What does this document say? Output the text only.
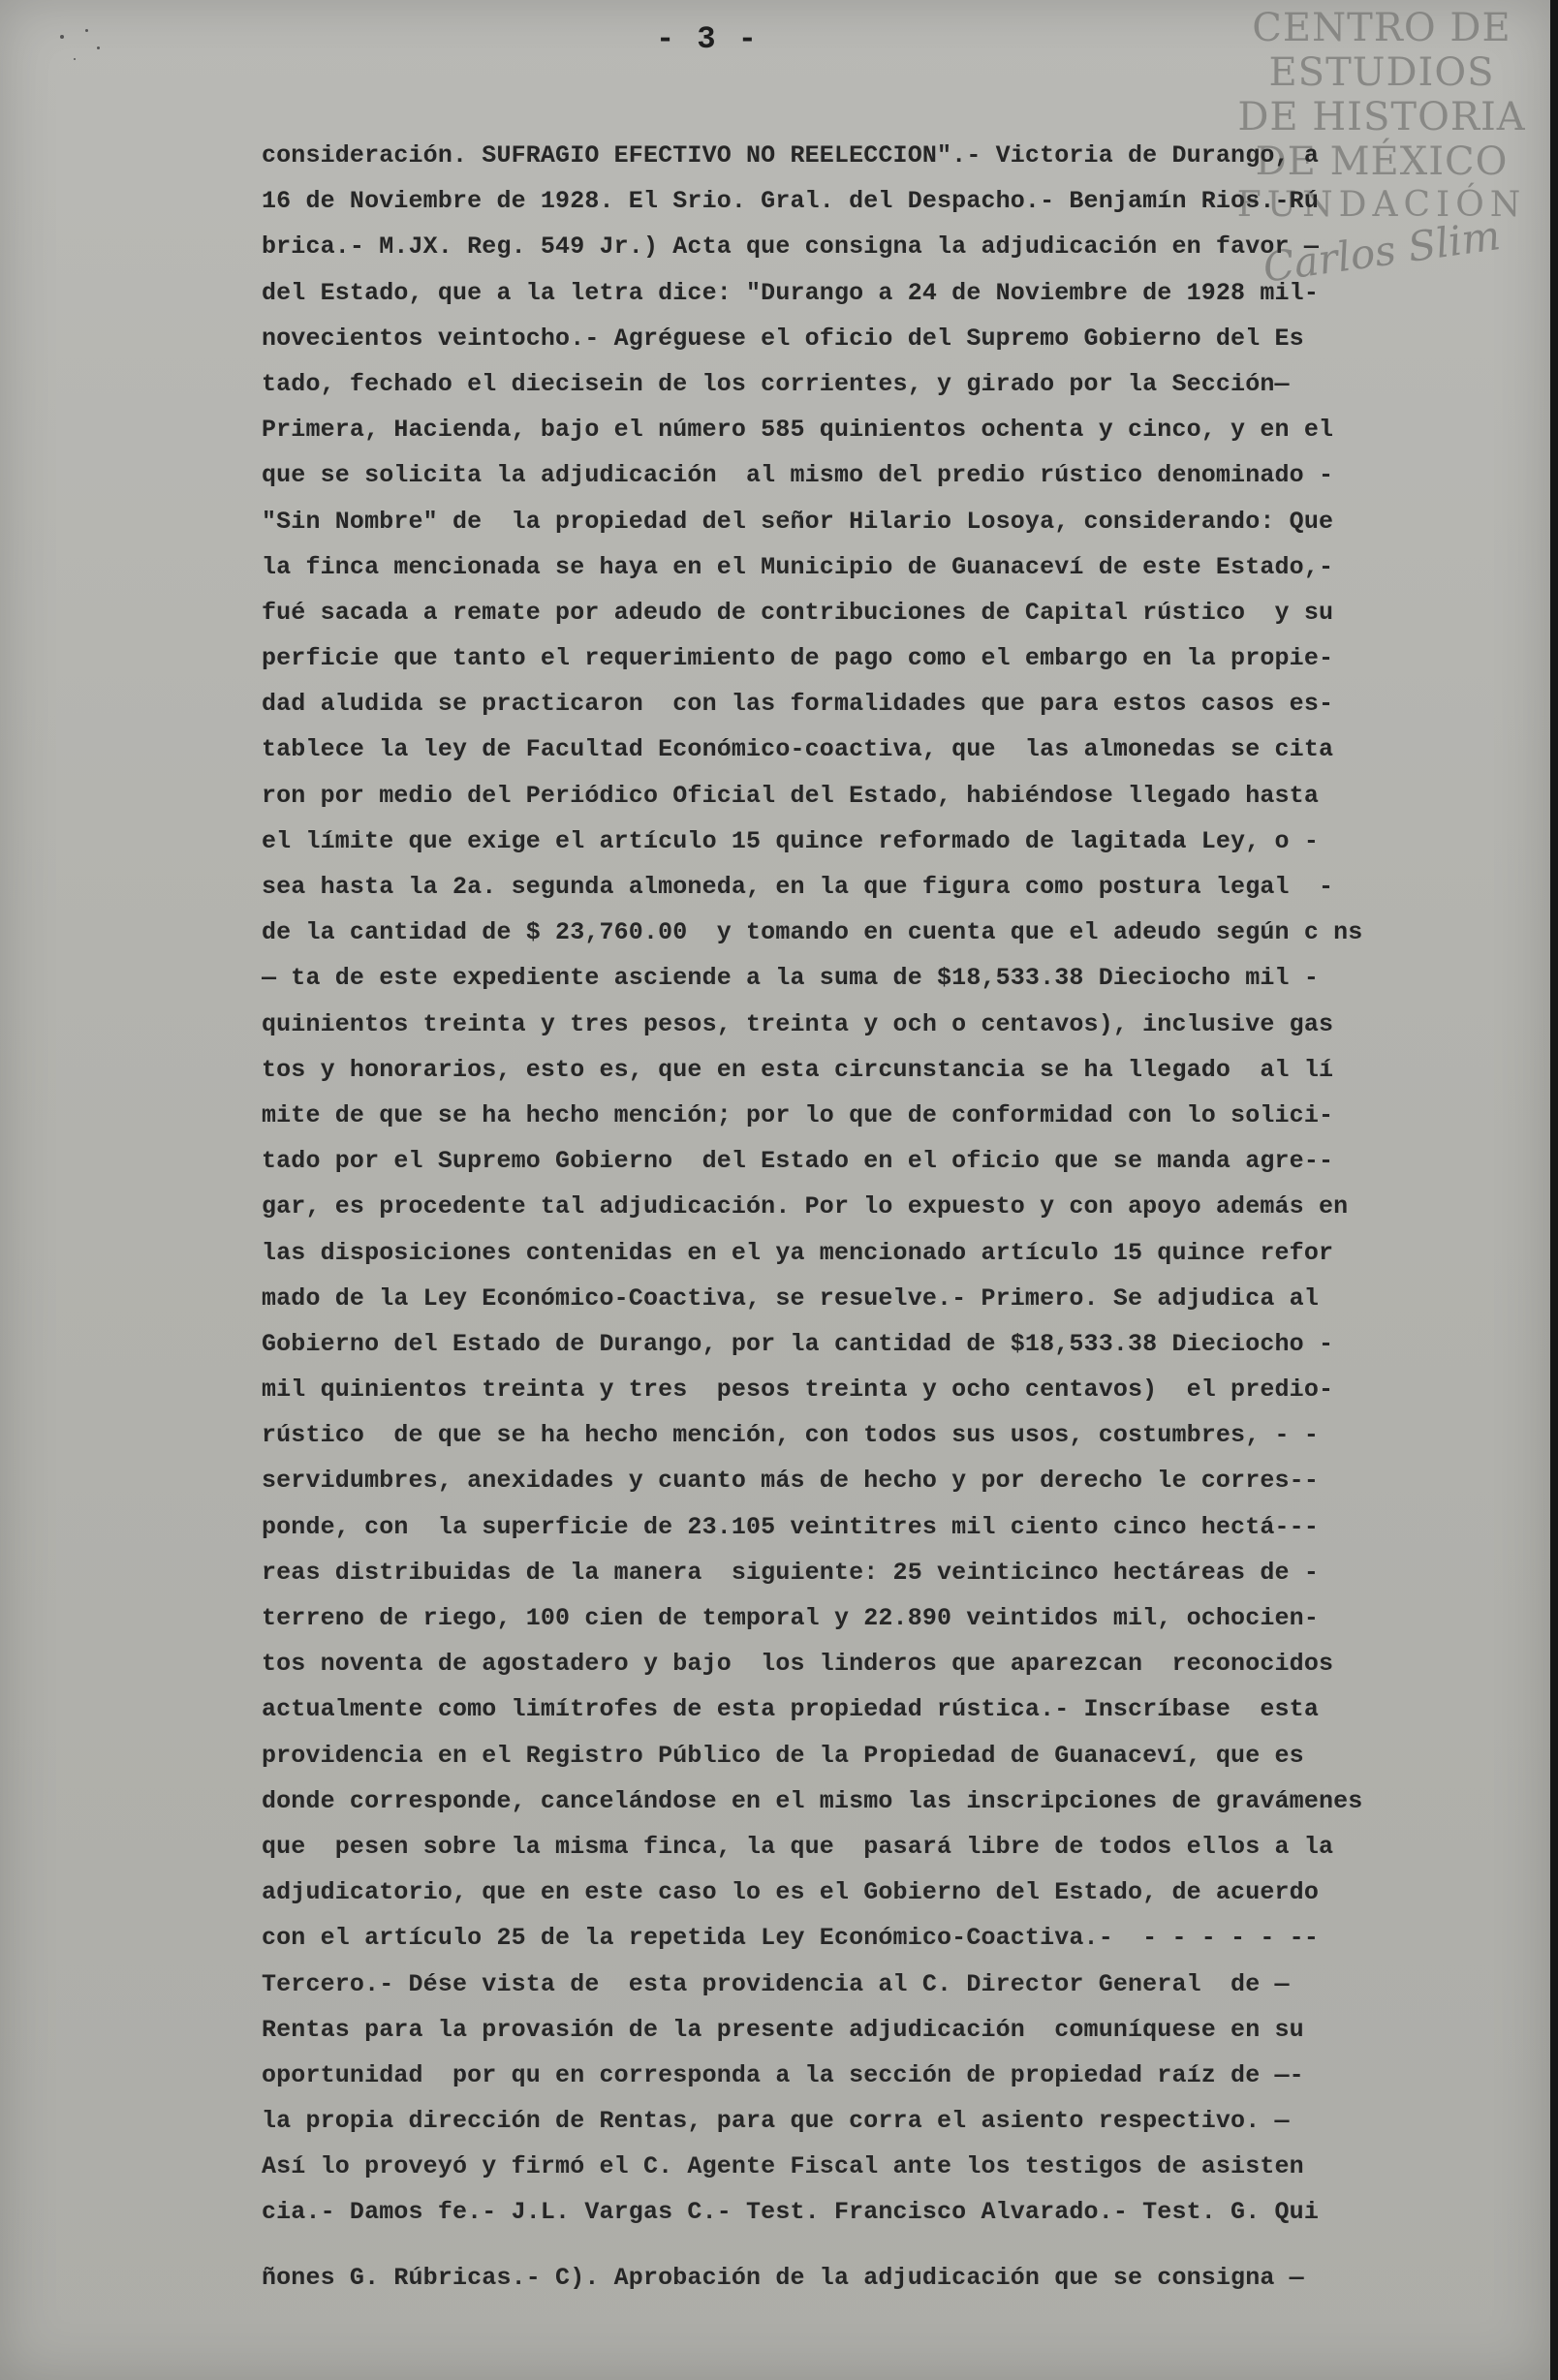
- 3 -	CENTRO DE
ESTUDIOS
DE HISTORIA
DE MÉXICO
FUNDACIÓN
Carlos Slim
consideración. SUFRAGIO EFECTIVO NO REELECCION".- Victoria de Durango, a
16 de Noviembre de 1928. El Srio. Gral. del Despacho.- Benjamín Rios.-Rú
brica.- M.JX. Reg. 549 Jr.) Acta que consigna la adjudicación en favor —
del Estado, que a la letra dice: "Durango a 24 de Noviembre de 1928 mil-
novecientos veintocho.- Agréguese el oficio del Supremo Gobierno del Es
tado, fechado el diecisein de los corrientes, y girado por la Sección—
Primera, Hacienda, bajo el número 585 quinientos ochenta y cinco, y en el
que se solicita la adjudicación  al mismo del predio rústico denominado -
"Sin Nombre" de  la propiedad del señor Hilario Losoya, considerando: Que
la finca mencionada se haya en el Municipio de Guanaceví de este Estado,-
fué sacada a remate por adeudo de contribuciones de Capital rústico  y su
perficie que tanto el requerimiento de pago como el embargo en la propie-
dad aludida se practicaron  con las formalidades que para estos casos es-
tablece la ley de Facultad Económico-coactiva, que  las almonedas se cita
ron por medio del Periódico Oficial del Estado, habiéndose llegado hasta
el límite que exige el artículo 15 quince reformado de lagitada Ley, o -
sea hasta la 2a. segunda almoneda, en la que figura como postura legal  -
de la cantidad de $ 23,760.00  y tomando en cuenta que el adeudo según c ns
— ta de este expediente asciende a la suma de $18,533.38 Dieciocho mil -
quinientos treinta y tres pesos, treinta y och o centavos), inclusive gas
tos y honorarios, esto es, que en esta circunstancia se ha llegado  al lí
mite de que se ha hecho mención; por lo que de conformidad con lo solici-
tado por el Supremo Gobierno  del Estado en el oficio que se manda agre--
gar, es procedente tal adjudicación. Por lo expuesto y con apoyo además en
las disposiciones contenidas en el ya mencionado artículo 15 quince refor
mado de la Ley Económico-Coactiva, se resuelve.- Primero. Se adjudica al
Gobierno del Estado de Durango, por la cantidad de $18,533.38 Dieciocho -
mil quinientos treinta y tres  pesos treinta y ocho centavos)  el predio-
rústico  de que se ha hecho mención, con todos sus usos, costumbres, - -
servidumbres, anexidades y cuanto más de hecho y por derecho le corres--
ponde, con  la superficie de 23.105 veintitres mil ciento cinco hectá---
reas distribuidas de la manera  siguiente: 25 veinticinco hectáreas de -
terreno de riego, 100 cien de temporal y 22.890 veintidos mil, ochocien-
tos noventa de agostadero y bajo  los linderos que aparezcan  reconocidos
actualmente como limítrofes de esta propiedad rústica.- Inscríbase  esta
providencia en el Registro Público de la Propiedad de Guanaceví, que es
donde corresponde, cancelándose en el mismo las inscripciones de gravámenes
que  pesen sobre la misma finca, la que  pasará libre de todos ellos a la
adjudicatorio, que en este caso lo es el Gobierno del Estado, de acuerdo
con el artículo 25 de la repetida Ley Económico-Coactiva.-  - - - - - --
Tercero.- Dése vista de  esta providencia al C. Director General  de —
Rentas para la provasión de la presente adjudicación  comuníquese en su
oportunidad  por qu en corresponda a la sección de propiedad raíz de —-
la propia dirección de Rentas, para que corra el asiento respectivo. —
Así lo proveyó y firmó el C. Agente Fiscal ante los testigos de asisten
cia.- Damos fe.- J.L. Vargas C.- Test. Francisco Alvarado.- Test. G. Qui
ñones G. Rúbricas.- C). Aprobación de la adjudicación que se consigna —
